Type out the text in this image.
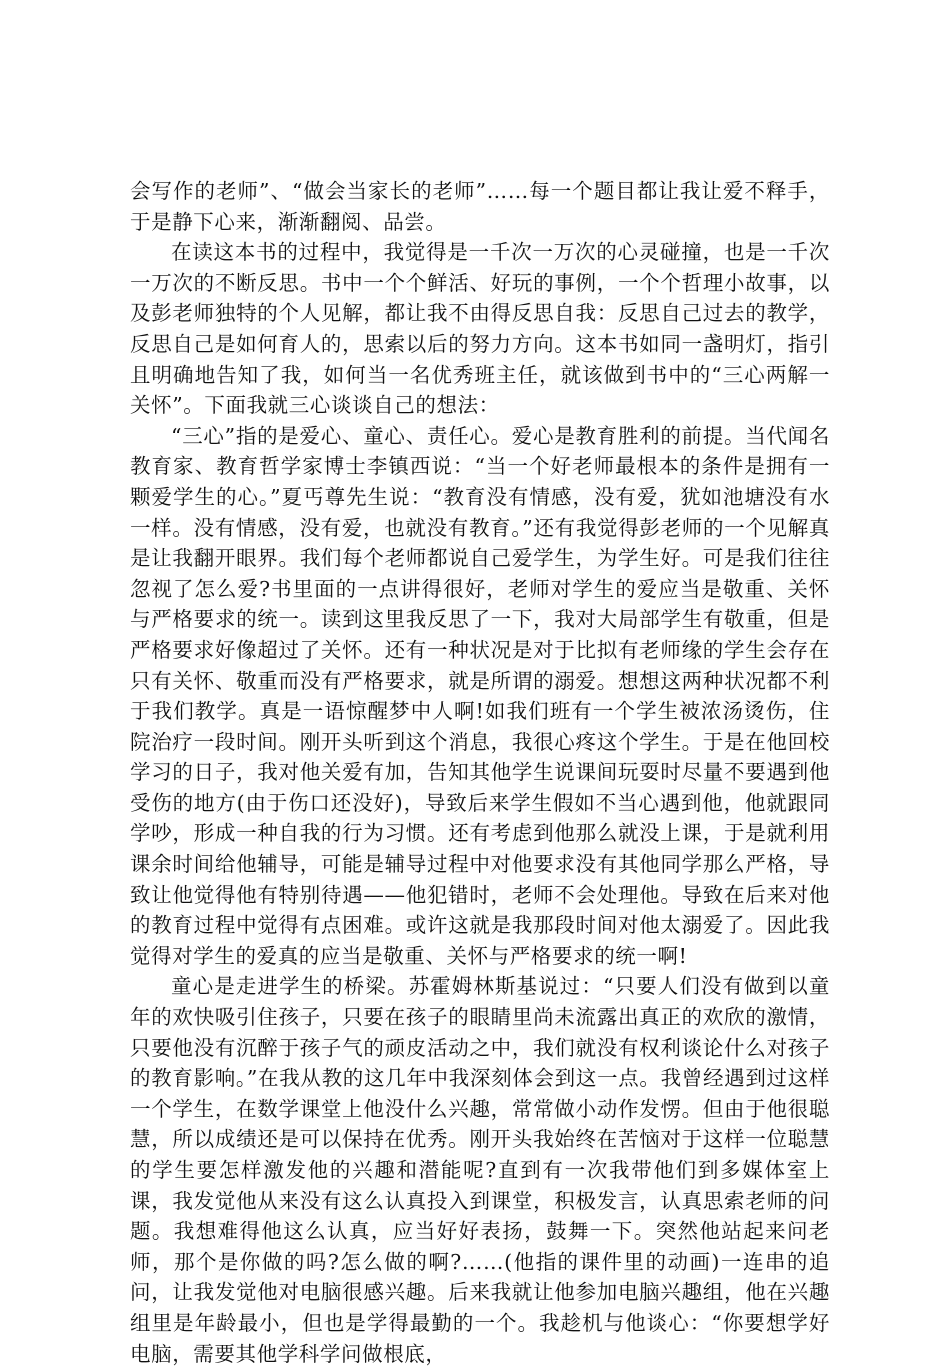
会写作的老师”、“做会当家长的老师”……每一个题目都让我让爱不释手，于是静下心来，渐渐翻阅、品尝。

在读这本书的过程中，我觉得是一千次一万次的心灵碰撞，也是一千次一万次的不断反思。书中一个个鲜活、好玩的事例，一个个哲理小故事，以及彭老师独特的个人见解，都让我不由得反思自我：反思自己过去的教学，反思自己是如何育人的，思索以后的努力方向。这本书如同一盏明灯，指引且明确地告知了我，如何当一名优秀班主任，就该做到书中的“三心两解一关怀”。下面我就三心谈谈自己的想法：

“三心”指的是爱心、童心、责任心。爱心是教育胜利的前提。当代闻名教育家、教育哲学家博士李镇西说：“当一个好老师最根本的条件是拥有一颗爱学生的心。”夏丐尊先生说：“教育没有情感，没有爱，犹如池塘没有水一样。没有情感，没有爱，也就没有教育。”还有我觉得彭老师的一个见解真是让我翻开眼界。我们每个老师都说自己爱学生，为学生好。可是我们往往忽视了怎么爱?书里面的一点讲得很好，老师对学生的爱应当是敬重、关怀与严格要求的统一。读到这里我反思了一下，我对大局部学生有敬重，但是严格要求好像超过了关怀。还有一种状况是对于比拟有老师缘的学生会存在只有关怀、敬重而没有严格要求，就是所谓的溺爱。想想这两种状况都不利于我们教学。真是一语惊醒梦中人啊!如我们班有一个学生被浓汤烫伤，住院治疗一段时间。刚开头听到这个消息，我很心疼这个学生。于是在他回校学习的日子，我对他关爱有加，告知其他学生说课间玩耍时尽量不要遇到他受伤的地方(由于伤口还没好)，导致后来学生假如不当心遇到他，他就跟同学吵，形成一种自我的行为习惯。还有考虑到他那么就没上课，于是就利用课余时间给他辅导，可能是辅导过程中对他要求没有其他同学那么严格，导致让他觉得他有特别待遇——他犯错时，老师不会处理他。导致在后来对他的教育过程中觉得有点困难。或许这就是我那段时间对他太溺爱了。因此我觉得对学生的爱真的应当是敬重、关怀与严格要求的统一啊!

童心是走进学生的桥梁。苏霍姆林斯基说过：“只要人们没有做到以童年的欢快吸引住孩子，只要在孩子的眼睛里尚未流露出真正的欢欣的激情，只要他没有沉醉于孩子气的顽皮活动之中，我们就没有权利谈论什么对孩子的教育影响。”在我从教的这几年中我深刻体会到这一点。我曾经遇到过这样一个学生，在数学课堂上他没什么兴趣，常常做小动作发愣。但由于他很聪慧，所以成绩还是可以保持在优秀。刚开头我始终在苦恼对于这样一位聪慧的学生要怎样激发他的兴趣和潜能呢?直到有一次我带他们到多媒体室上课，我发觉他从来没有这么认真投入到课堂，积极发言，认真思索老师的问题。我想难得他这么认真，应当好好表扬，鼓舞一下。突然他站起来问老师，那个是你做的吗?怎么做的啊?……(他指的课件里的动画)一连串的追问，让我发觉他对电脑很感兴趣。后来我就让他参加电脑兴趣组，他在兴趣组里是年龄最小，但也是学得最勤的一个。我趁机与他谈心：“你要想学好电脑，需要其他学科学问做根底，
